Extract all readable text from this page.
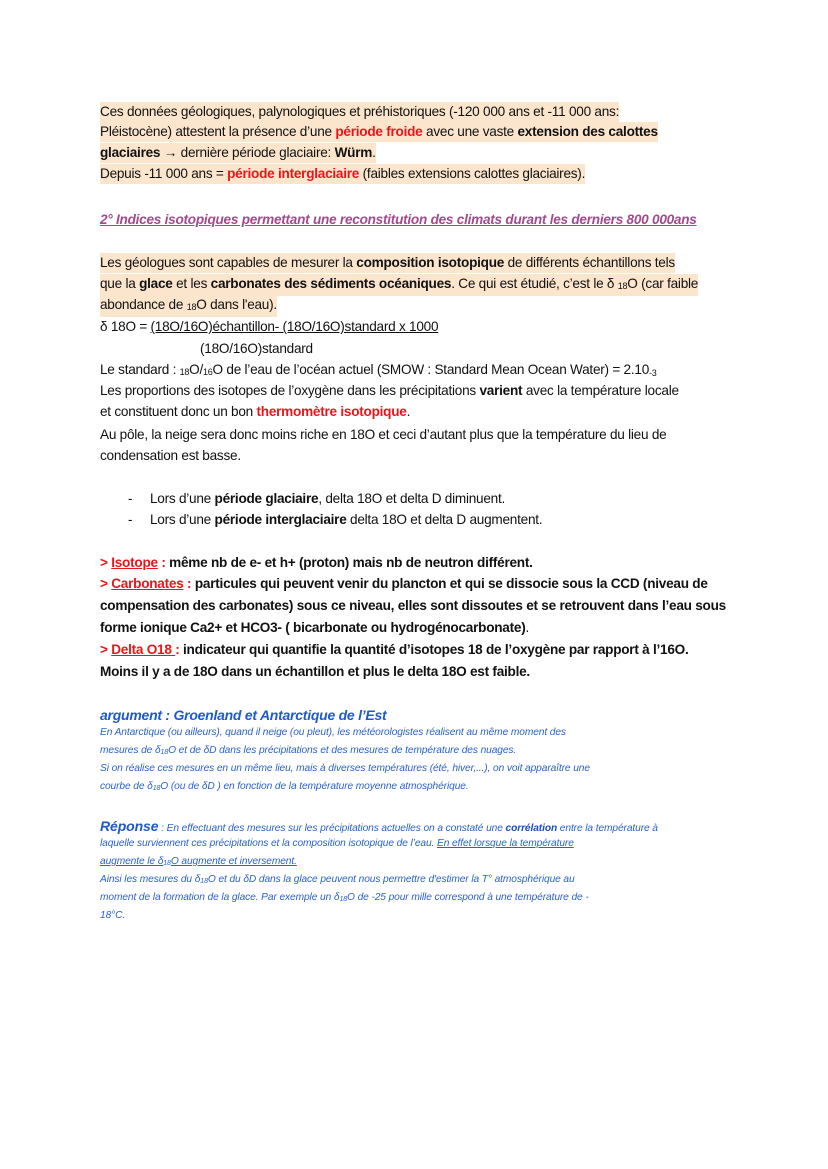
Ces données géologiques, palynologiques et préhistoriques (-120 000 ans et -11 000 ans:
Pléistocène) attestent la présence d’une période froide avec une vaste extension des calottes
glaciaires → dernière période glaciaire: Würm.
Depuis -11 000 ans = période interglaciaire (faibles extensions calottes glaciaires).
2° Indices isotopiques permettant une reconstitution des climats durant les derniers 800 000ans
Les géologues sont capables de mesurer la composition isotopique de différents échantillons tels
que la glace et les carbonates des sédiments océaniques. Ce qui est étudié, c’est le δ 18O (car faible
abondance de 18O dans l'eau).
δ 18O = (18O/16O)échantillon- (18O/16O)standard x 1000
(18O/16O)standard
Le standard : 18O/16O de l’eau de l’océan actuel (SMOW : Standard Mean Ocean Water) = $2.10_{-3}$
Les proportions des isotopes de l’oxygène dans les précipitations varient avec la température locale
et constituent donc un bon thermomètre isotopique.
Au pôle, la neige sera donc moins riche en 18O et ceci d’autant plus que la température du lieu de
condensation est basse.
- Lors d’une période glaciaire, delta 18O et delta D diminuent.
- Lors d’une période interglaciaire delta 18O et delta D augmentent.
> Isotope : même nb de e- et h+ (proton) mais nb de neutron différent.
> Carbonates : particules qui peuvent venir du plancton et qui se dissocie sous la CCD (niveau de
compensation des carbonates) sous ce niveau, elles sont dissoutes et se retrouvent dans l’eau sous
forme ionique Ca2+ et HCO3- ( bicarbonate ou hydrogénocarbonate).
> Delta O18 : indicateur qui quantifie la quantité d’isotopes 18 de l’oxygène par rapport à l’16O.
Moins il y a de 18O dans un échantillon et plus le delta 18O est faible.
argument : Groenland et Antarctique de l’Est
En Antarctique (ou ailleurs), quand il neige (ou pleut), les météorologistes réalisent au même moment des
mesures de δ18O et de δD dans les précipitations et des mesures de température des nuages.
Si on réalise ces mesures en un même lieu, mais à diverses températures (été, hiver,...), on voit apparaître une
courbe de δ18O (ou de δD ) en fonction de la température moyenne atmosphérique.
Réponse : En effectuant des mesures sur les précipitations actuelles on a constaté une corrélation entre la température à
laquelle surviennent ces précipitations et la composition isotopique de l’eau. En effet lorsque la température
augmente le δ18O augmente et inversement.
Ainsi les mesures du δ18O et du δD dans la glace peuvent nous permettre d'estimer la T° atmosphérique au
moment de la formation de la glace. Par exemple un δ18O de -25 pour mille correspond à une température de -
18°C.
